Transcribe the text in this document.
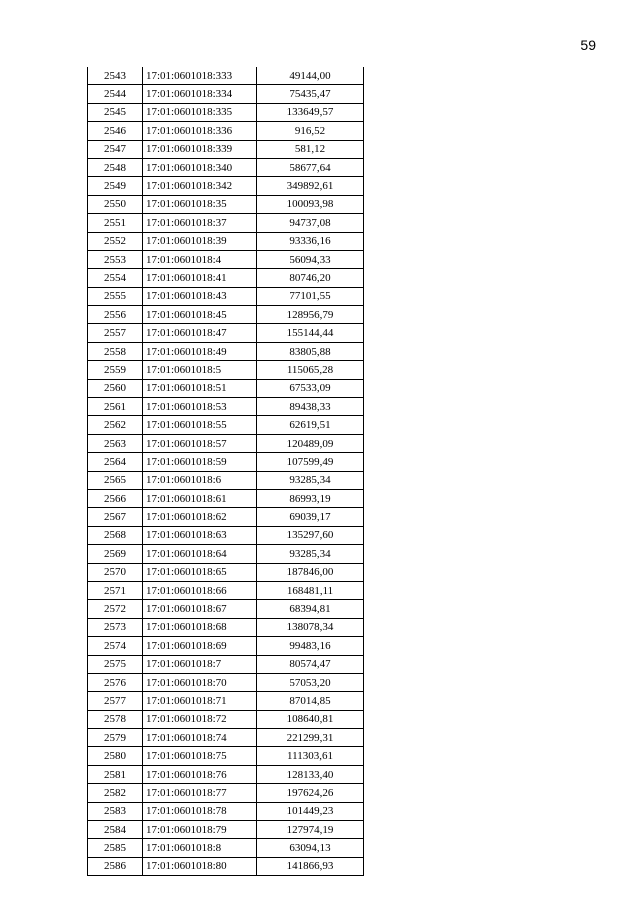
59
2543	17:01:0601018:333	49144,00
2544	17:01:0601018:334	75435,47
2545	17:01:0601018:335	133649,57
2546	17:01:0601018:336	916,52
2547	17:01:0601018:339	581,12
2548	17:01:0601018:340	58677,64
2549	17:01:0601018:342	349892,61
2550	17:01:0601018:35	100093,98
2551	17:01:0601018:37	94737,08
2552	17:01:0601018:39	93336,16
2553	17:01:0601018:4	56094,33
2554	17:01:0601018:41	80746,20
2555	17:01:0601018:43	77101,55
2556	17:01:0601018:45	128956,79
2557	17:01:0601018:47	155144,44
2558	17:01:0601018:49	83805,88
2559	17:01:0601018:5	115065,28
2560	17:01:0601018:51	67533,09
2561	17:01:0601018:53	89438,33
2562	17:01:0601018:55	62619,51
2563	17:01:0601018:57	120489,09
2564	17:01:0601018:59	107599,49
2565	17:01:0601018:6	93285,34
2566	17:01:0601018:61	86993,19
2567	17:01:0601018:62	69039,17
2568	17:01:0601018:63	135297,60
2569	17:01:0601018:64	93285,34
2570	17:01:0601018:65	187846,00
2571	17:01:0601018:66	168481,11
2572	17:01:0601018:67	68394,81
2573	17:01:0601018:68	138078,34
2574	17:01:0601018:69	99483,16
2575	17:01:0601018:7	80574,47
2576	17:01:0601018:70	57053,20
2577	17:01:0601018:71	87014,85
2578	17:01:0601018:72	108640,81
2579	17:01:0601018:74	221299,31
2580	17:01:0601018:75	111303,61
2581	17:01:0601018:76	128133,40
2582	17:01:0601018:77	197624,26
2583	17:01:0601018:78	101449,23
2584	17:01:0601018:79	127974,19
2585	17:01:0601018:8	63094,13
2586	17:01:0601018:80	141866,93
